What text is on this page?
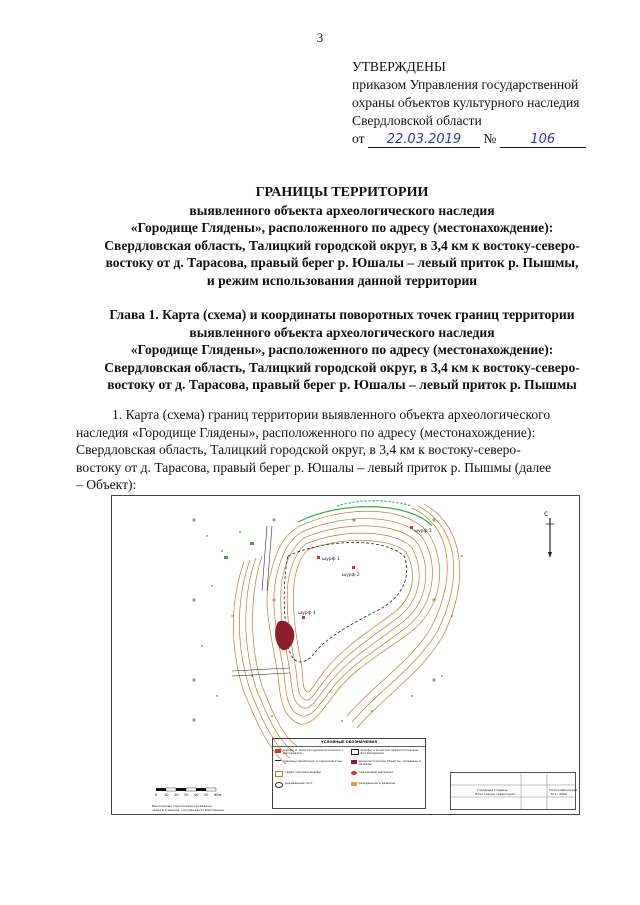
3
УТВЕРЖДЕНЫ
приказом Управления государственной
охраны объектов культурного наследия
Свердловской области
от 22.03.2019 №	106
ГРАНИЦЫ ТЕРРИТОРИИ
выявленного объекта археологического наследия
«Городище Глядены», расположенного по адресу (местонахождение):
Свердловская область, Талицкий городской округ, в 3,4 км к востоку-северо-
востоку от д. Тарасова, правый берег р. Юшалы – левый приток р. Пышмы,
и режим использования данной территории
Глава 1. Карта (схема) и координаты поворотных точек границ территории
выявленного объекта археологического наследия
«Городище Глядены», расположенного по адресу (местонахождение):
Свердловская область, Талицкий городской округ, в 3,4 км к востоку-северо-
востоку от д. Тарасова, правый берег р. Юшалы – левый приток р. Пышмы
1. Карта (схема) границ территории выявленного объекта археологического
наследия «Городище Глядены», расположенного по адресу (местонахождение):
Свердловская область, Талицкий городской округ, в 3,4 км к востоку-северо-
востоку от д. Тарасова, правый берег р. Юшалы – левый приток р. Пышмы (далее
– Объект):
шурф 1
шурф 2
шурф 3
шурф 4
С
0 10 20 30 40 50 60м
Выкопанные горизонтали проведены
через 0.5 метров, система высот Балтийская
УСЛОВНЫЕ ОБОЗНАЧЕНИЯ
шурфы и зачистки археологические с материалом
шурфы и зачистки археологические без материала
границы памятника и охранной зоны	археологические объекты, западины и развалы
трубостановки шурфы	подъемный материал
деревянный пост	разрушение и развалы
Городище Глядены
План границ территории
Топографическая
М 1 : 2000
